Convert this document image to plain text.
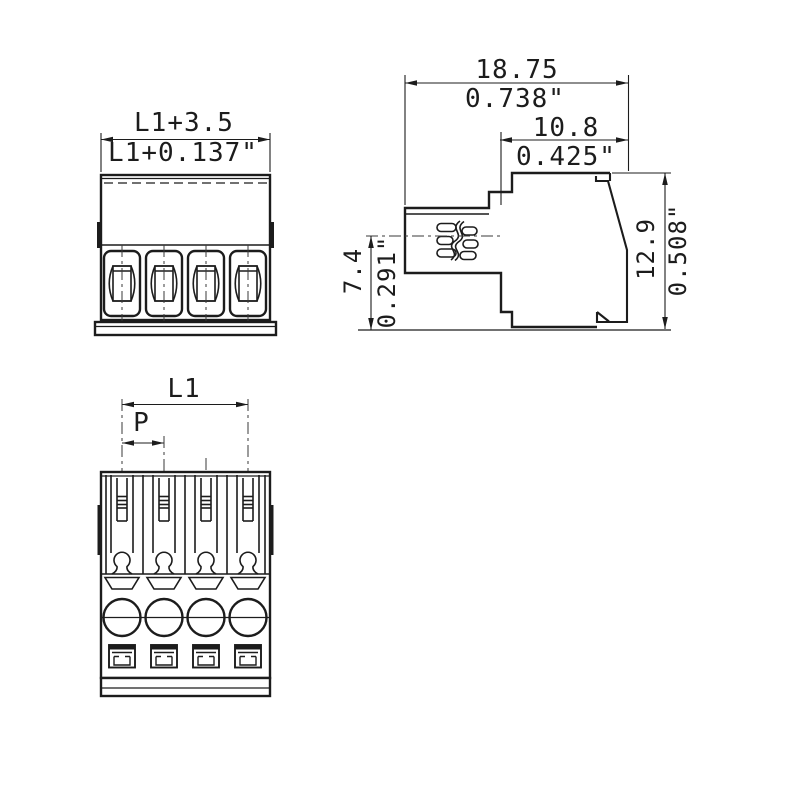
L1+3.5
L1+0.137"
18.75
0.738"
10.8
0.425"
12.9 0.508"
7.4 0.291"
L1
P
